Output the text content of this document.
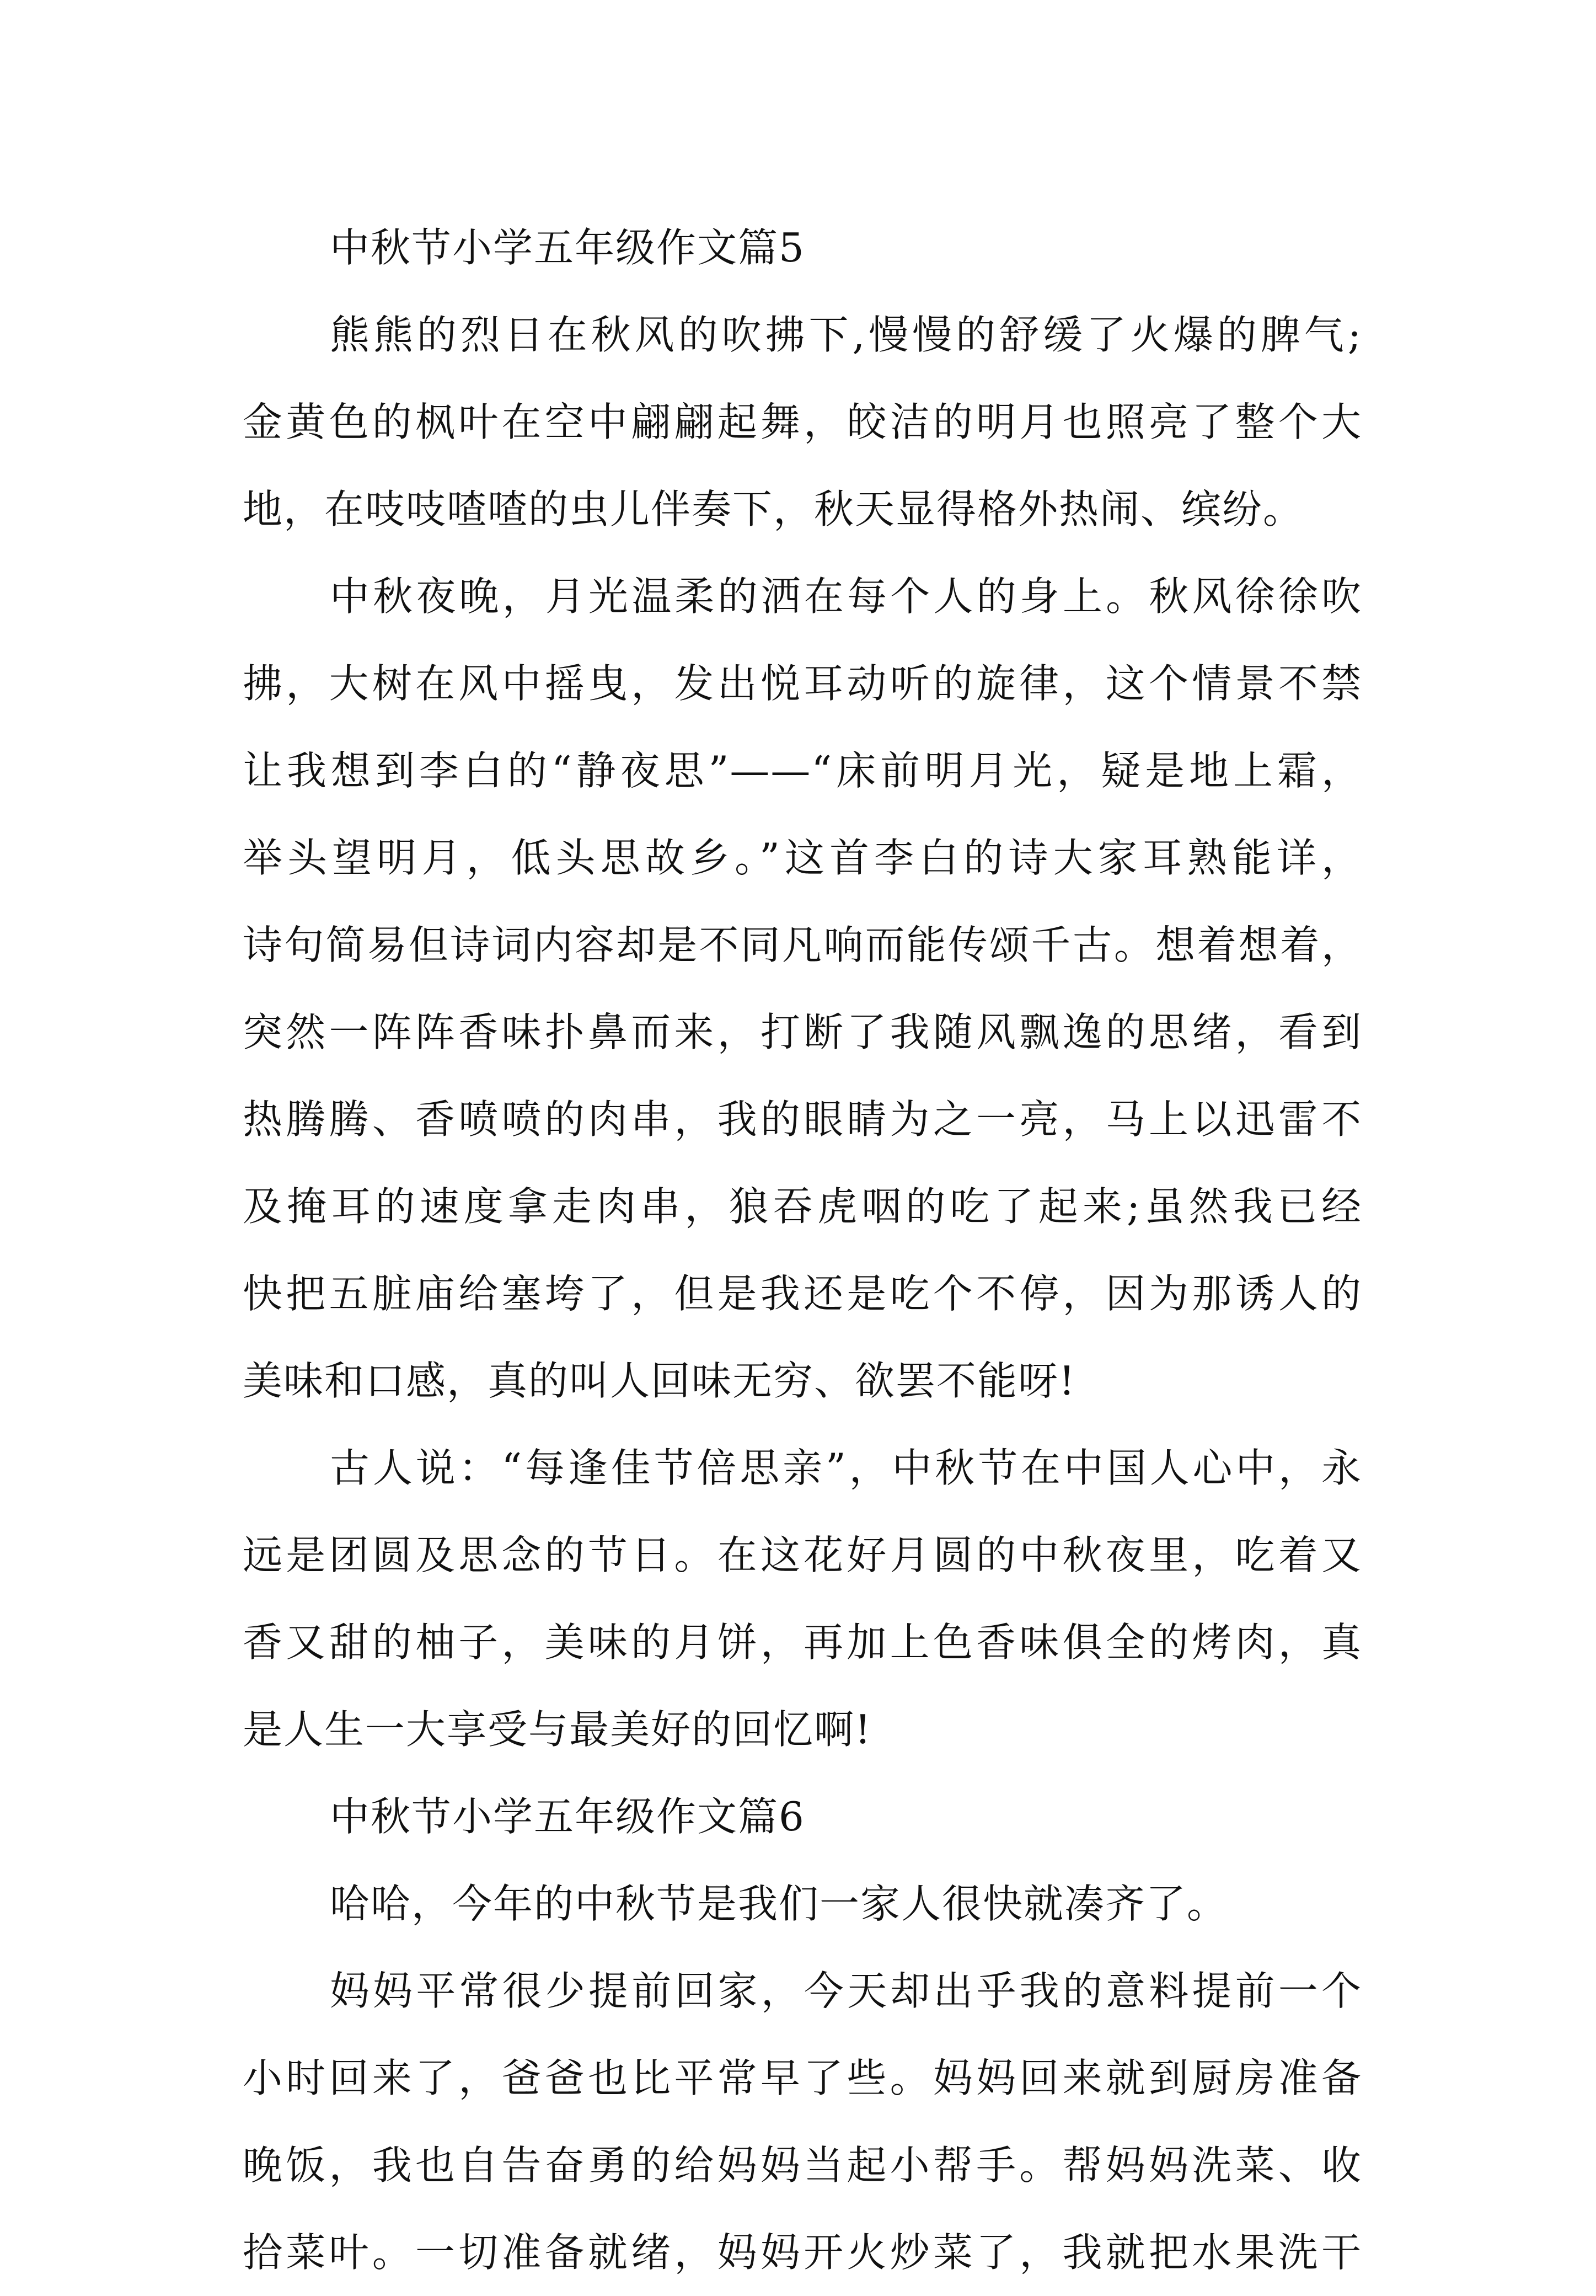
中秋节小学五年级作文篇5
熊熊的烈日在秋风的吹拂下,慢慢的舒缓了火爆的脾气;
金黄色的枫叶在空中翩翩起舞，皎洁的明月也照亮了整个大
地，在吱吱喳喳的虫儿伴奏下，秋天显得格外热闹、缤纷。
中秋夜晚，月光温柔的洒在每个人的身上。秋风徐徐吹
拂，大树在风中摇曳，发出悦耳动听的旋律，这个情景不禁
让我想到李白的“静夜思”——“床前明月光，疑是地上霜，
举头望明月，低头思故乡。”这首李白的诗大家耳熟能详，
诗句简易但诗词内容却是不同凡响而能传颂千古。想着想着，
突然一阵阵香味扑鼻而来，打断了我随风飘逸的思绪，看到
热腾腾、香喷喷的肉串，我的眼睛为之一亮，马上以迅雷不
及掩耳的速度拿走肉串，狼吞虎咽的吃了起来;虽然我已经
快把五脏庙给塞垮了，但是我还是吃个不停，因为那诱人的
美味和口感，真的叫人回味无穷、欲罢不能呀!
古人说：“每逢佳节倍思亲”，中秋节在中国人心中，永
远是团圆及思念的节日。在这花好月圆的中秋夜里，吃着又
香又甜的柚子，美味的月饼，再加上色香味俱全的烤肉，真
是人生一大享受与最美好的回忆啊!
中秋节小学五年级作文篇6
哈哈，今年的中秋节是我们一家人很快就凑齐了。
妈妈平常很少提前回家，今天却出乎我的意料提前一个
小时回来了，爸爸也比平常早了些。妈妈回来就到厨房准备
晚饭，我也自告奋勇的给妈妈当起小帮手。帮妈妈洗菜、收
拾菜叶。一切准备就绪，妈妈开火炒菜了，我就把水果洗干
